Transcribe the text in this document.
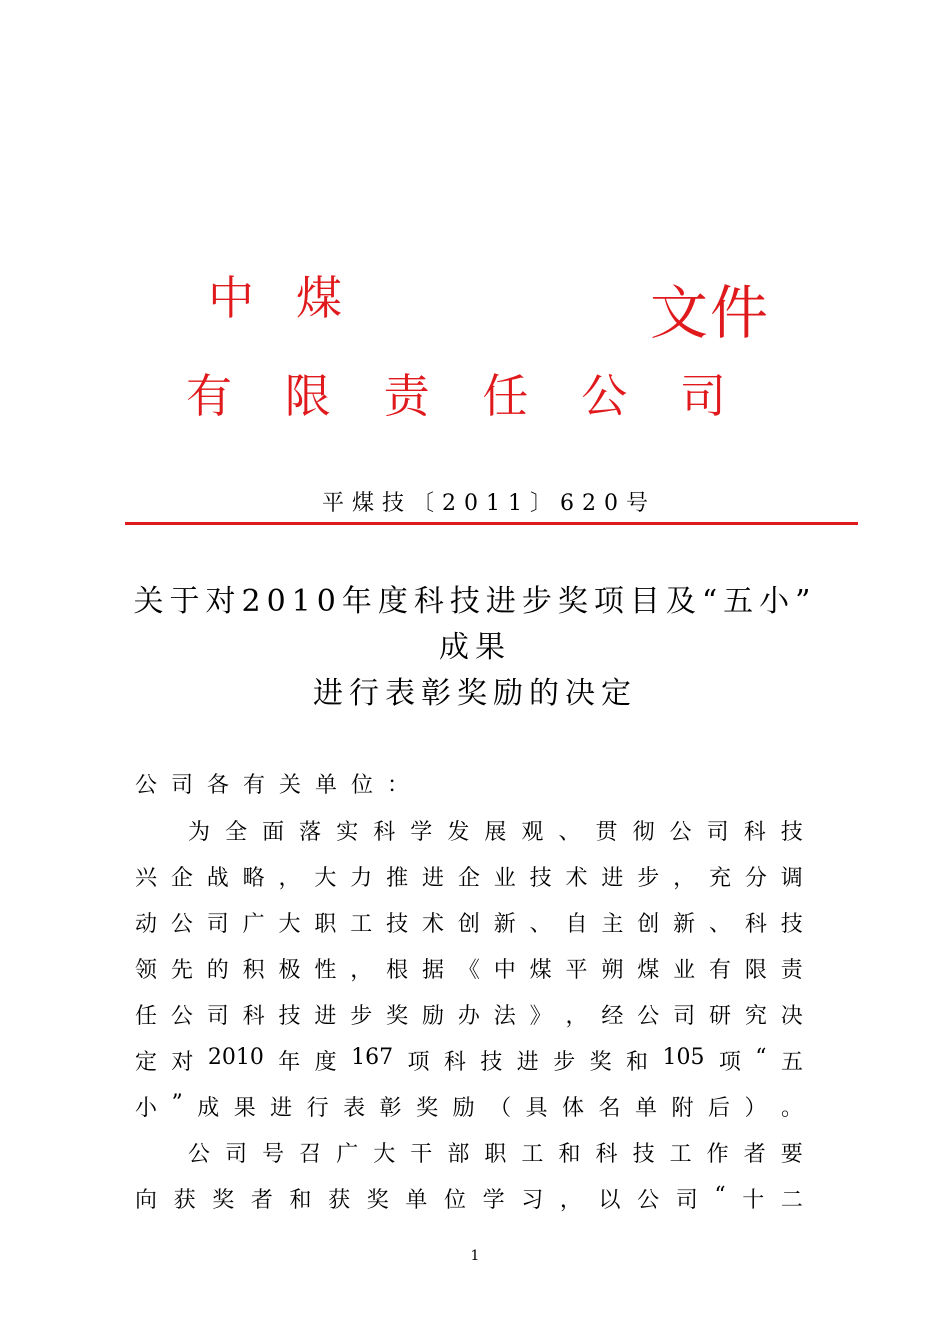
中煤	文件
有 限 责 任 公 司
平煤技〔2011〕620号
关于对2010年度科技进步奖项目及“五小”
成果
进行表彰奖励的决定
公司各有关单位：
为 全 面 落 实 科 学 发 展 观 、 贯 彻 公 司 科 技
兴 企 战 略 ， 大 力 推 进 企 业 技 术 进 步 ， 充 分 调
动 公 司 广 大 职 工 技 术 创 新 、 自 主 创 新 、 科 技
领 先 的 积 极 性 ， 根 据 《 中 煤 平 朔 煤 业 有 限 责
任 公 司 科 技 进 步 奖 励 办 法 》 ， 经 公 司 研 究 决
定 对 2010 年 度 167 项 科 技 进 步 奖 和 105 项 “ 五
小 ” 成 果 进 行 表 彰 奖 励 （ 具 体 名 单 附 后 ） 。
公 司 号 召 广 大 干 部 职 工 和 科 技 工 作 者 要
向 获 奖 者 和 获 奖 单 位 学 习 ， 以 公 司 “ 十 二
1
